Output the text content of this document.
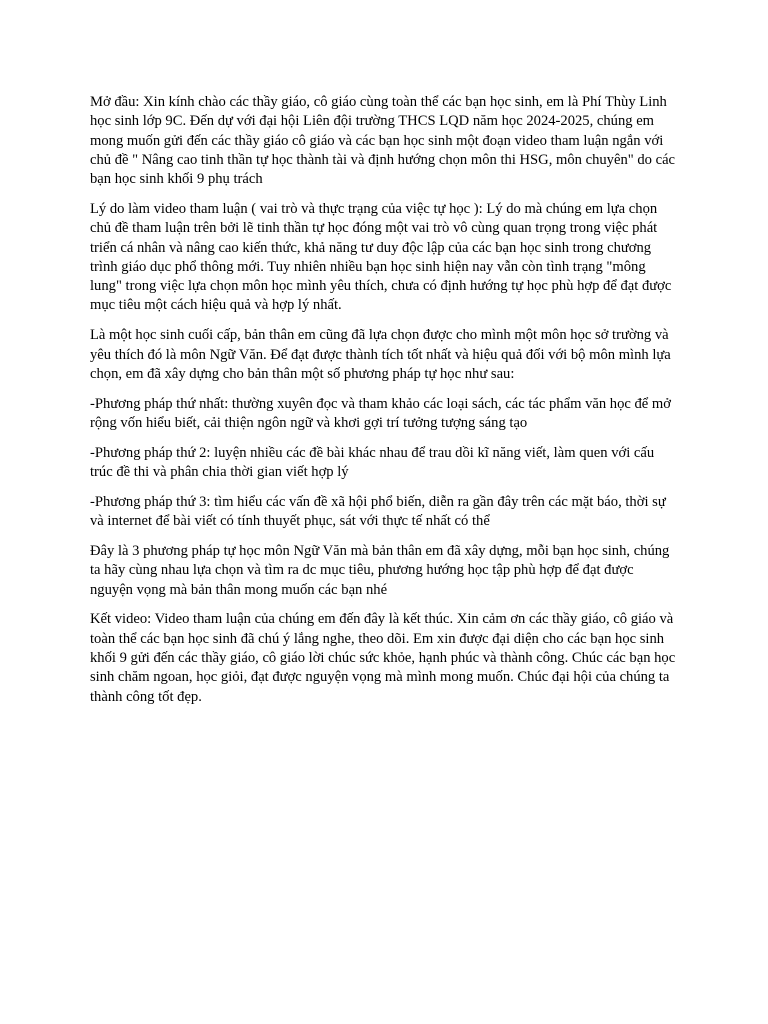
Mở đầu: Xin kính chào các thầy giáo, cô giáo cùng toàn thể các bạn học sinh, em là Phí Thùy Linh học sinh lớp 9C. Đến dự với đại hội Liên đội trường THCS LQD năm học 2024-2025, chúng em mong muốn gửi đến các thầy giáo cô giáo và các bạn học sinh một đoạn video tham luận ngắn với chủ đề " Nâng cao tinh thần tự học thành tài và định hướng chọn môn thi HSG, môn chuyên" do các bạn học sinh khối 9 phụ trách

Lý do làm video tham luận ( vai trò và thực trạng của việc tự học ): Lý do mà chúng em lựa chọn chủ đề tham luận trên bởi lẽ tinh thần tự học đóng một vai trò vô cùng quan trọng trong việc phát triển cá nhân và nâng cao kiến thức, khả năng tư duy độc lập của các bạn học sinh trong chương trình giáo dục phổ thông mới. Tuy nhiên nhiều bạn học sinh hiện nay vẫn còn tình trạng "mông lung" trong việc lựa chọn môn học mình yêu thích, chưa có định hướng tự học phù hợp để đạt được mục tiêu một cách hiệu quả và hợp lý nhất.

Là một học sinh cuối cấp, bản thân em cũng đã lựa chọn được cho mình một môn học sở trường và yêu thích đó là môn Ngữ Văn. Để đạt được thành tích tốt nhất và hiệu quả đối với bộ môn mình lựa chọn, em đã xây dựng cho bản thân một số phương pháp tự học như sau:

-Phương pháp thứ nhất: thường xuyên đọc và tham khảo các loại sách, các tác phẩm văn học để mở rộng vốn hiểu biết, cải thiện ngôn ngữ và khơi gợi trí tưởng tượng sáng tạo

-Phương pháp thứ 2: luyện nhiều các đề bài khác nhau để trau dồi kĩ năng viết, làm quen với cấu trúc đề thi và phân chia thời gian viết hợp lý

-Phương pháp thứ 3: tìm hiểu các vấn đề xã hội phổ biến, diễn ra gần đây trên các mặt báo, thời sự và internet để bài viết có tính thuyết phục, sát với thực tế nhất có thể

Đây là 3 phương pháp tự học môn Ngữ Văn mà bản thân em đã xây dựng, mỗi bạn học sinh, chúng ta hãy cùng nhau lựa chọn và tìm ra dc mục tiêu, phương hướng học tập phù hợp để đạt được nguyện vọng mà bản thân mong muốn các bạn nhé

Kết video: Video tham luận của chúng em đến đây là kết thúc. Xin cảm ơn các thầy giáo, cô giáo và toàn thể các bạn học sinh đã chú ý lắng nghe, theo dõi. Em xin được đại diện cho các bạn học sinh khối 9 gửi đến các thầy giáo, cô giáo lời chúc sức khỏe, hạnh phúc và thành công. Chúc các bạn học sinh chăm ngoan, học giỏi, đạt được nguyện vọng mà mình mong muốn. Chúc đại hội của chúng ta thành công tốt đẹp.
